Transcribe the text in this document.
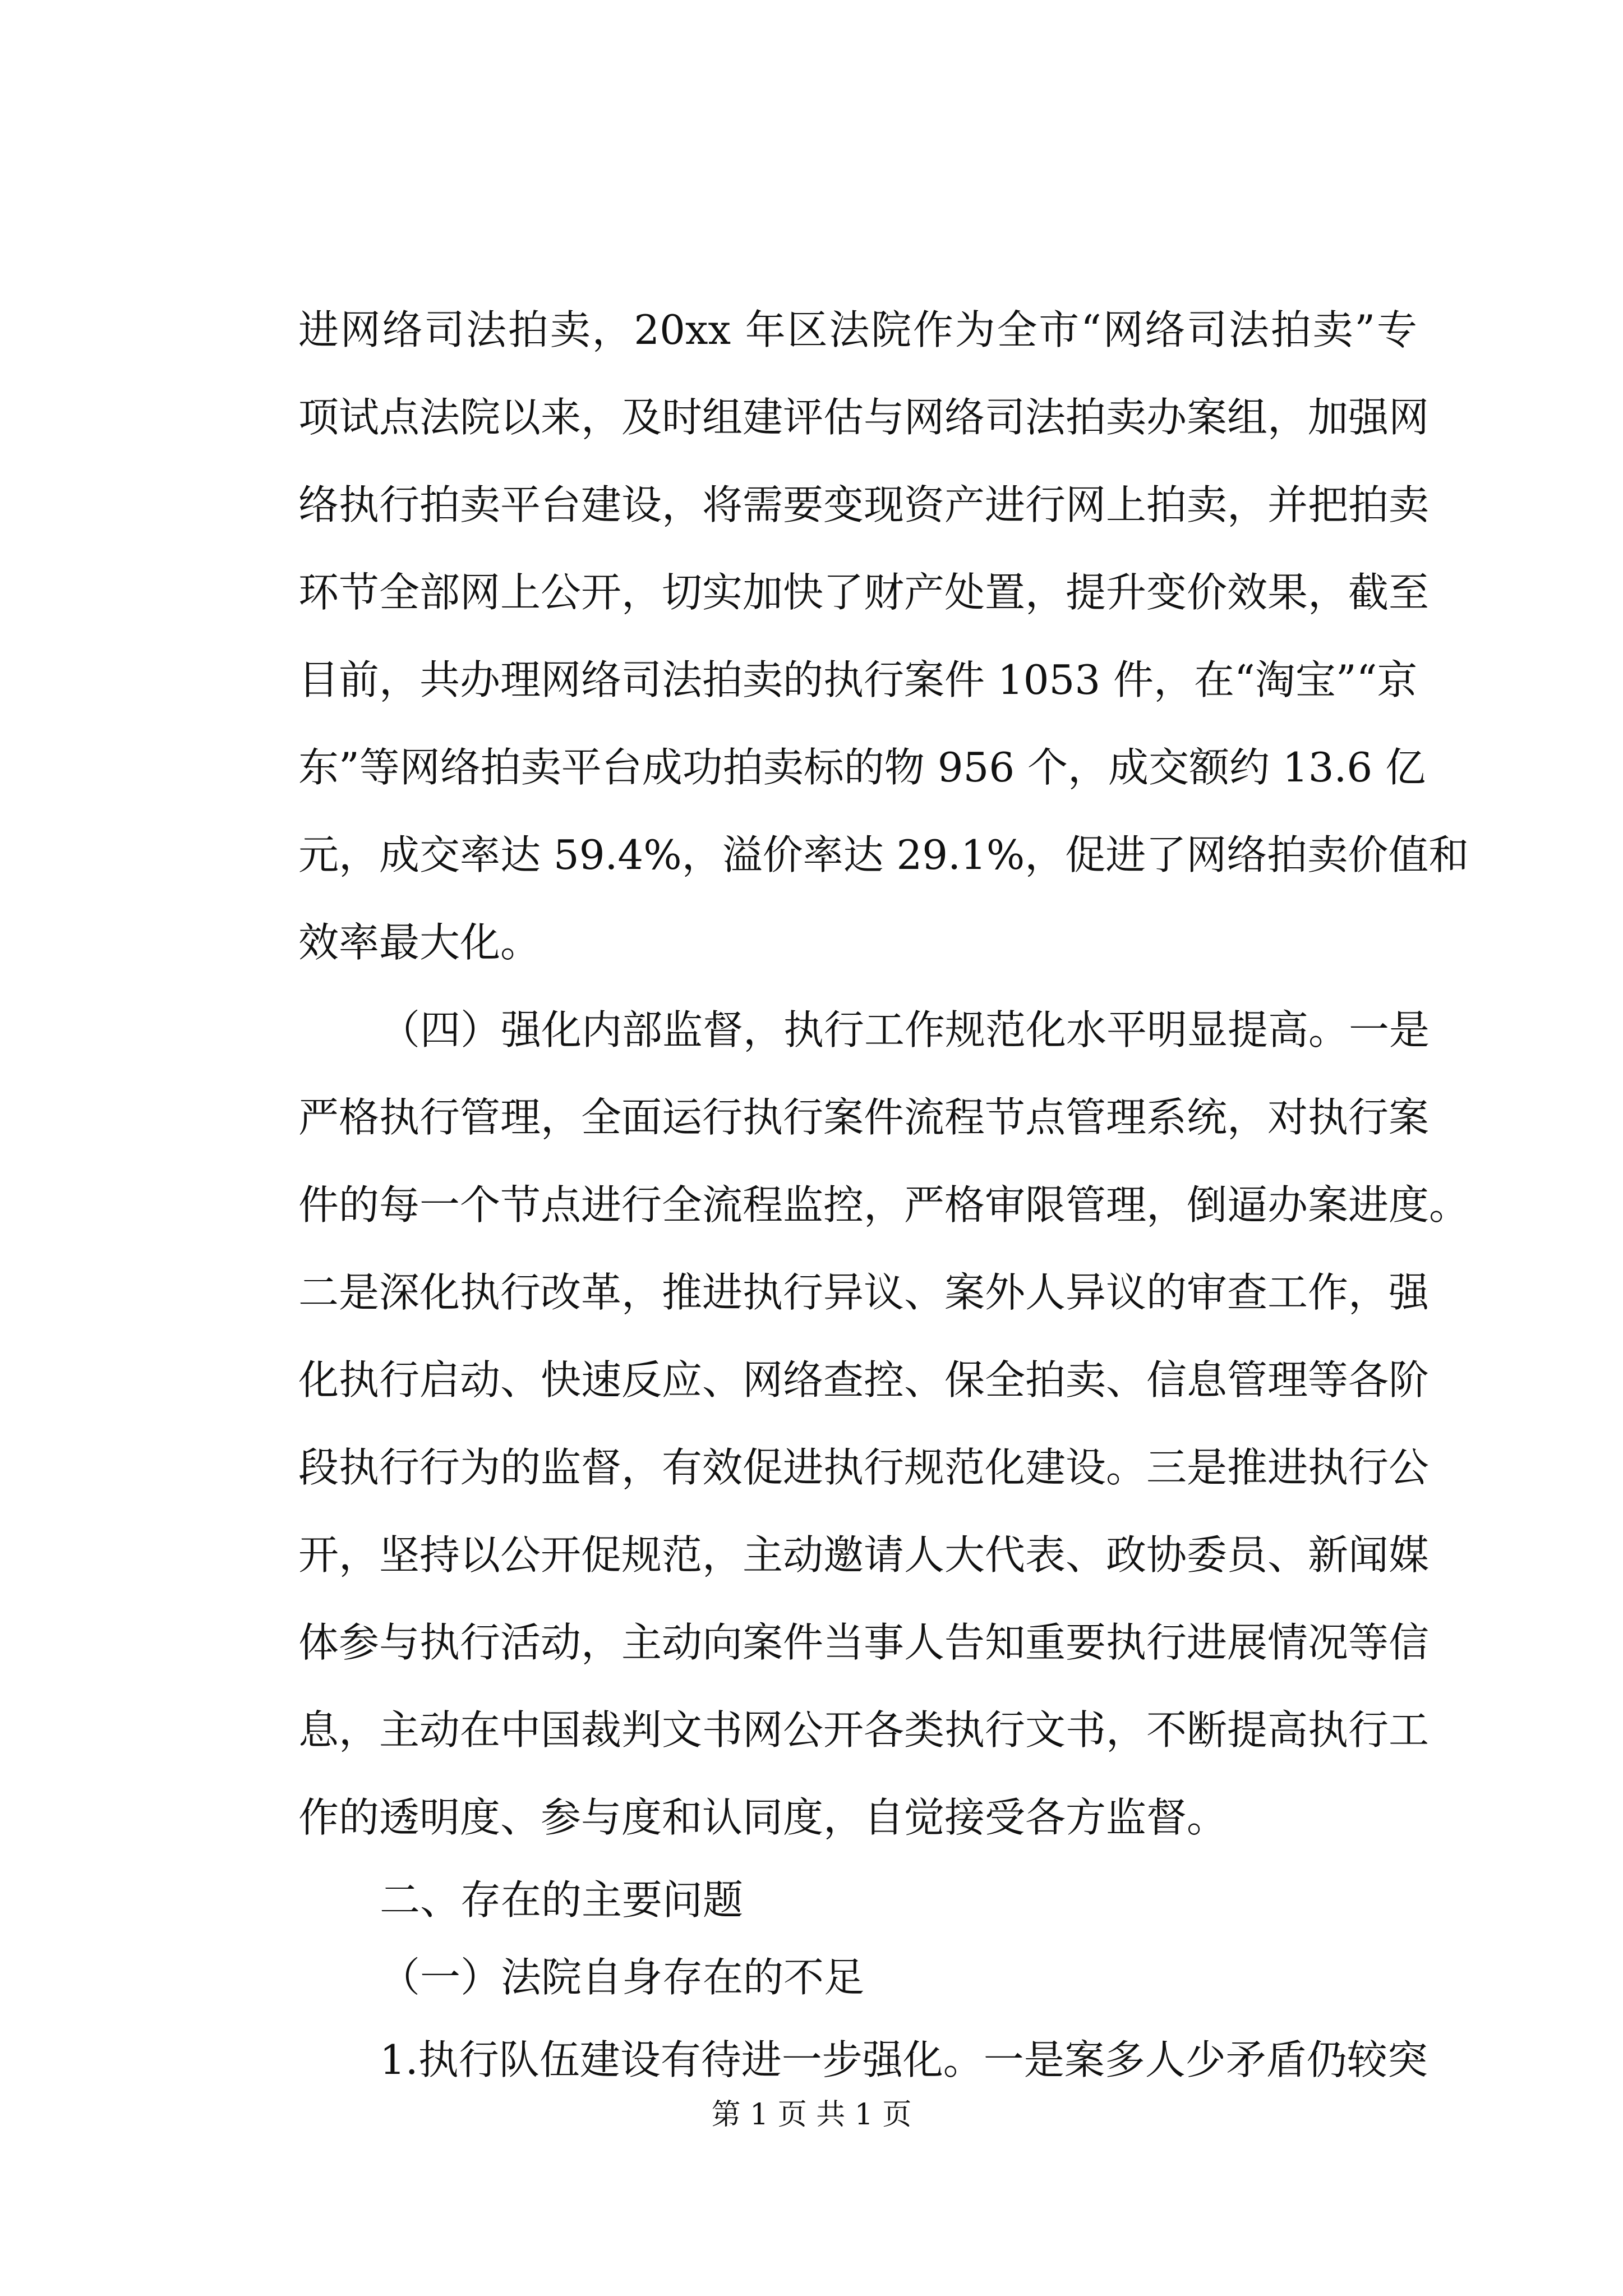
进网络司法拍卖，20xx 年区法院作为全市“网络司法拍卖”专
项试点法院以来，及时组建评估与网络司法拍卖办案组，加强网
络执行拍卖平台建设，将需要变现资产进行网上拍卖，并把拍卖
环节全部网上公开，切实加快了财产处置，提升变价效果，截至
目前，共办理网络司法拍卖的执行案件 1053 件，在“淘宝”“京
东”等网络拍卖平台成功拍卖标的物 956 个，成交额约 13.6 亿
元，成交率达 59.4%，溢价率达 29.1%，促进了网络拍卖价值和
效率最大化。
（四）强化内部监督，执行工作规范化水平明显提高。一是
严格执行管理，全面运行执行案件流程节点管理系统，对执行案
件的每一个节点进行全流程监控，严格审限管理，倒逼办案进度。
二是深化执行改革，推进执行异议、案外人异议的审查工作，强
化执行启动、快速反应、网络查控、保全拍卖、信息管理等各阶
段执行行为的监督，有效促进执行规范化建设。三是推进执行公
开，坚持以公开促规范，主动邀请人大代表、政协委员、新闻媒
体参与执行活动，主动向案件当事人告知重要执行进展情况等信
息，主动在中国裁判文书网公开各类执行文书，不断提高执行工
作的透明度、参与度和认同度，自觉接受各方监督。
二、存在的主要问题
（一）法院自身存在的不足
1.执行队伍建设有待进一步强化。一是案多人少矛盾仍较突
第 1 页 共 1 页
